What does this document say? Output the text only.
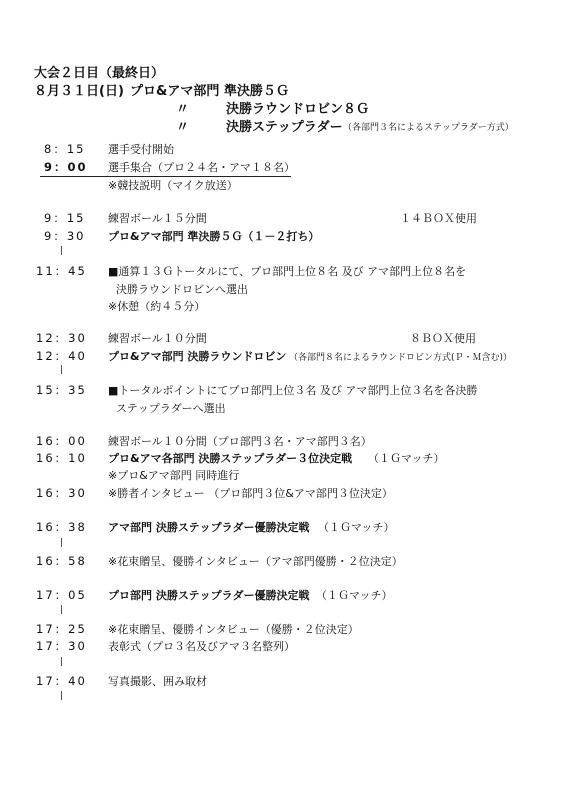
大会２日目（最終日）
８月３１日(日) プロ&アマ部門 準決勝５Ｇ
〃	決勝ラウンドロビン８Ｇ
〃	決勝ステップラダー （各部門３名によるステップラダー方式）
8：15 選手受付開始
9：00 選手集合（プロ２４名・アマ１８名）
※競技説明（マイク放送）
9：15 練習ボール１５分間	１４ＢＯＸ使用
9：30 プロ&アマ部門 準決勝５Ｇ（１－２打ち）
11：45 ■通算１３Ｇトータルにて、プロ部門上位８名 及び アマ部門上位８名を
決勝ラウンドロビンへ選出
※休憩（約４５分）
12：30 練習ボール１０分間	８ＢＯＸ使用
12：40 プロ&アマ部門 決勝ラウンドロビン （各部門８名によるラウンドロビン方式(Ｐ・Ｍ含む)）
15：35 ■トータルポイントにてプロ部門上位３名 及び アマ部門上位３名を各決勝
ステップラダーへ選出
16：00 練習ボール１０分間（プロ部門３名・アマ部門３名）
16：10 プロ&アマ各部門 決勝ステップラダー３位決定戦 （１Ｇマッチ）
※プロ&アマ部門 同時進行
16：30 ※勝者インタビュー （プロ部門３位&アマ部門３位決定）
16：38 アマ部門 決勝ステップラダー優勝決定戦 （１Ｇマッチ）
16：58 ※花束贈呈、優勝インタビュー（アマ部門優勝・２位決定）
17：05 プロ部門 決勝ステップラダー優勝決定戦 （１Ｇマッチ）
17：25 ※花束贈呈、優勝インタビュー（優勝・２位決定）
17：30 表彰式（プロ３名及びアマ３名整列）
17：40 写真撮影、囲み取材
